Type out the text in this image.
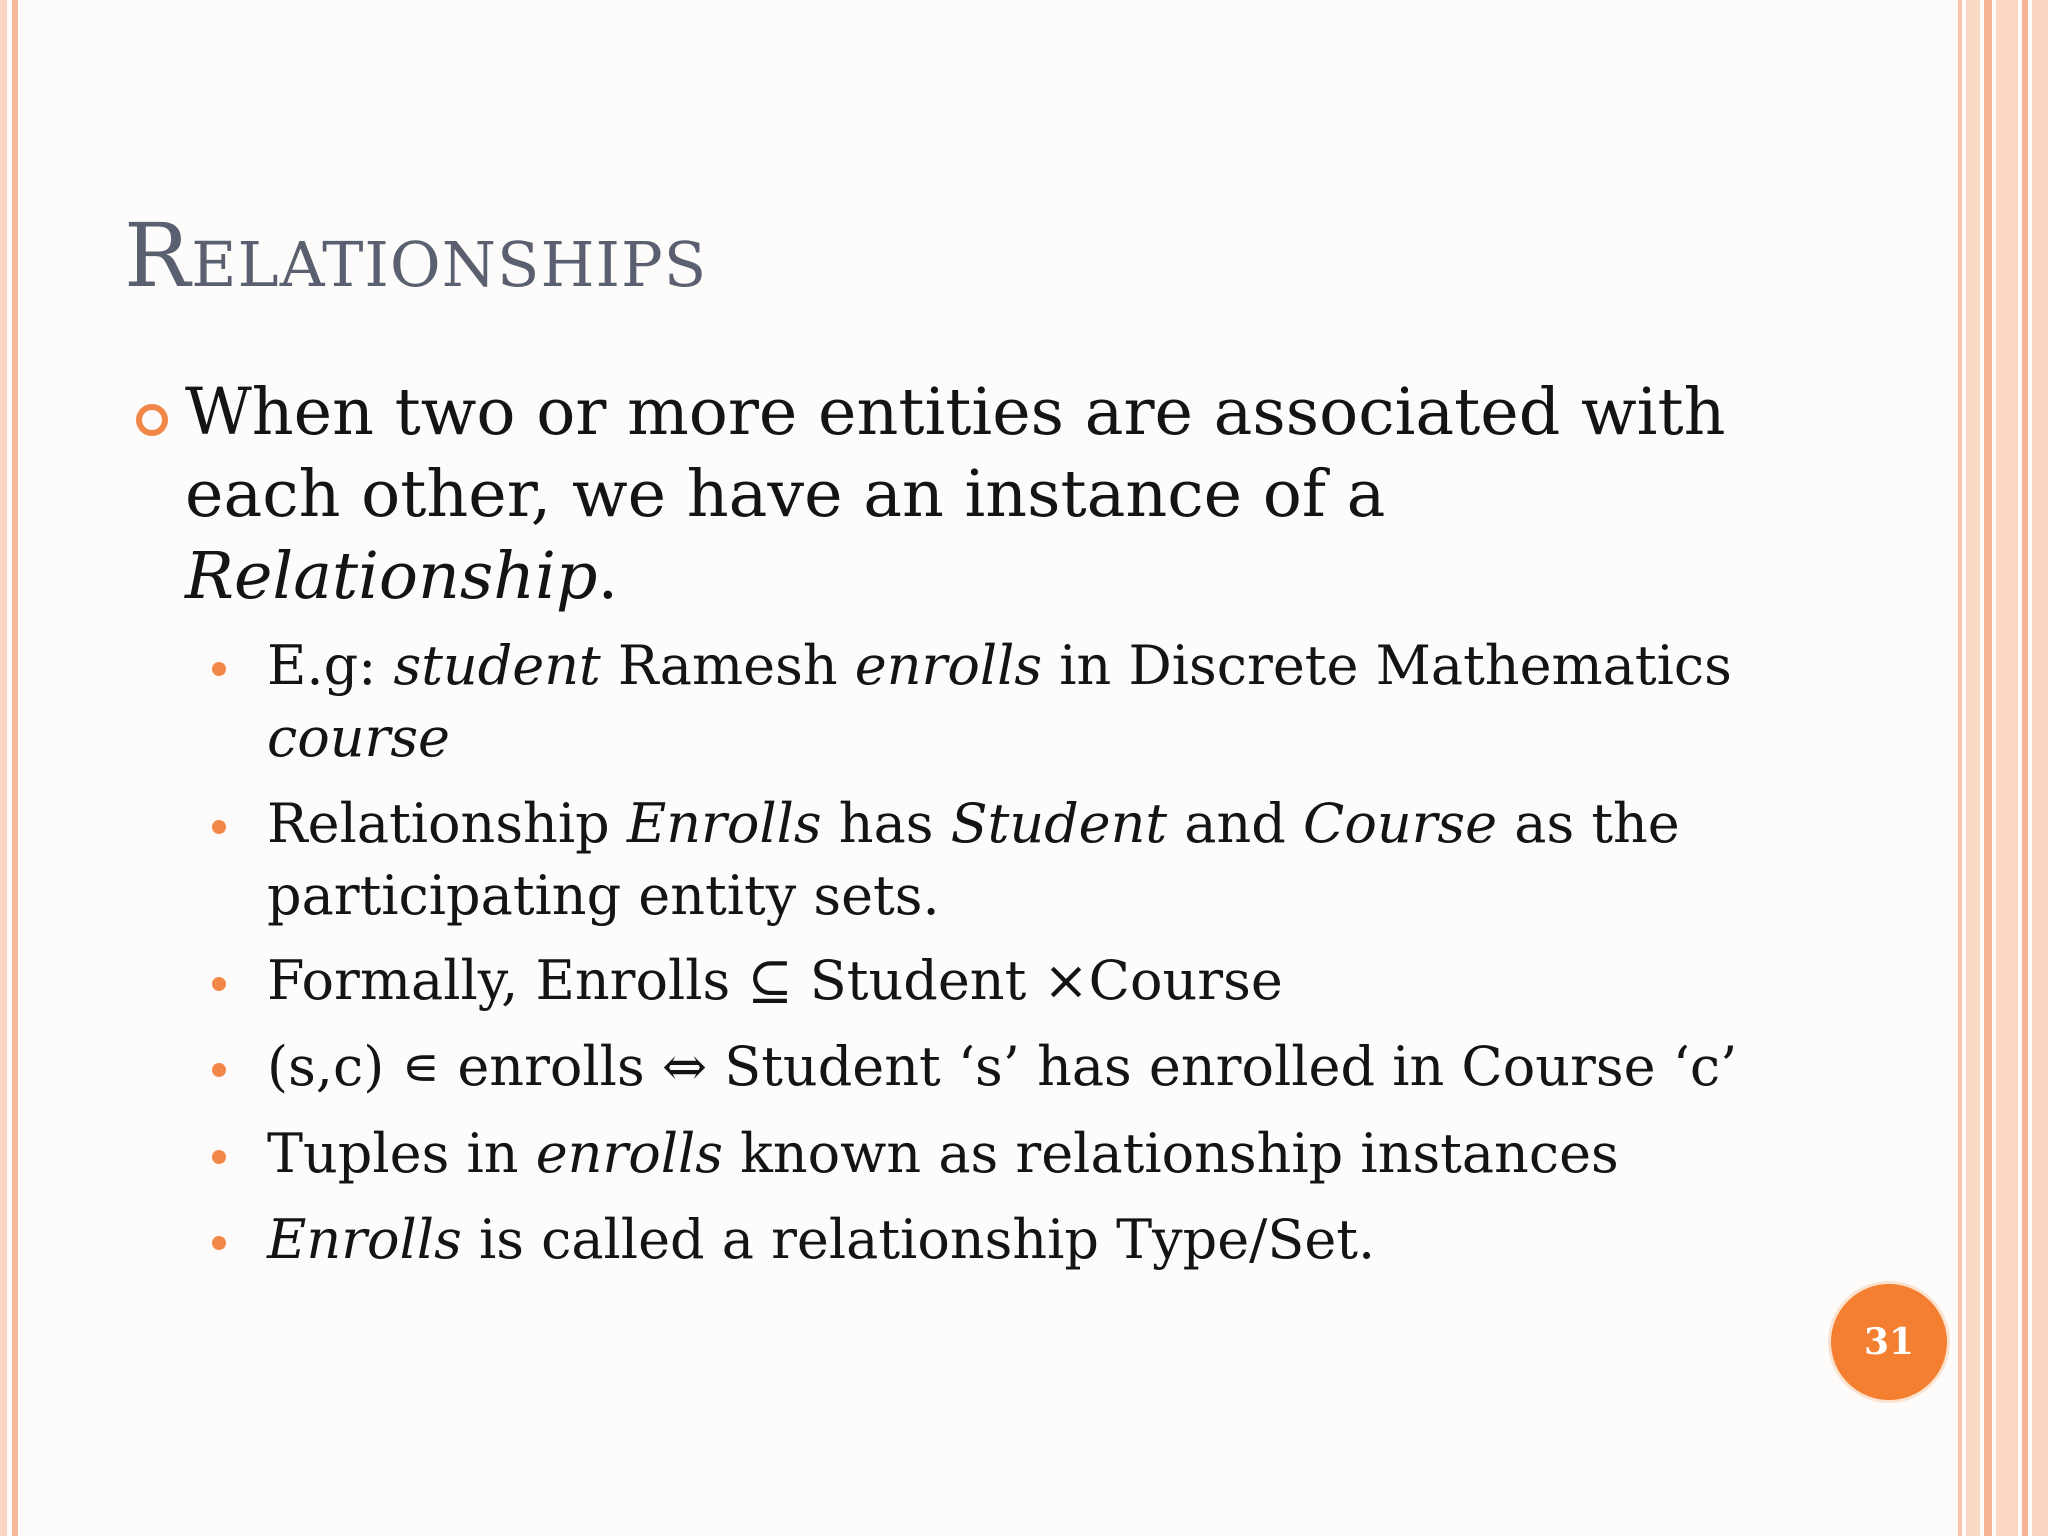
Relationships

When two or more entities are associated with each other, we have an instance of a Relationship.

E.g: student Ramesh enrolls in Discrete Mathematics course

Relationship Enrolls has Student and Course as the participating entity sets.

Formally, Enrolls ⊆ Student ×Course

(s,c) ∊ enrolls ⇔ Student ‘s’ has enrolled in Course ‘c’

Tuples in enrolls known as relationship instances

Enrolls is called a relationship Type/Set.

31
